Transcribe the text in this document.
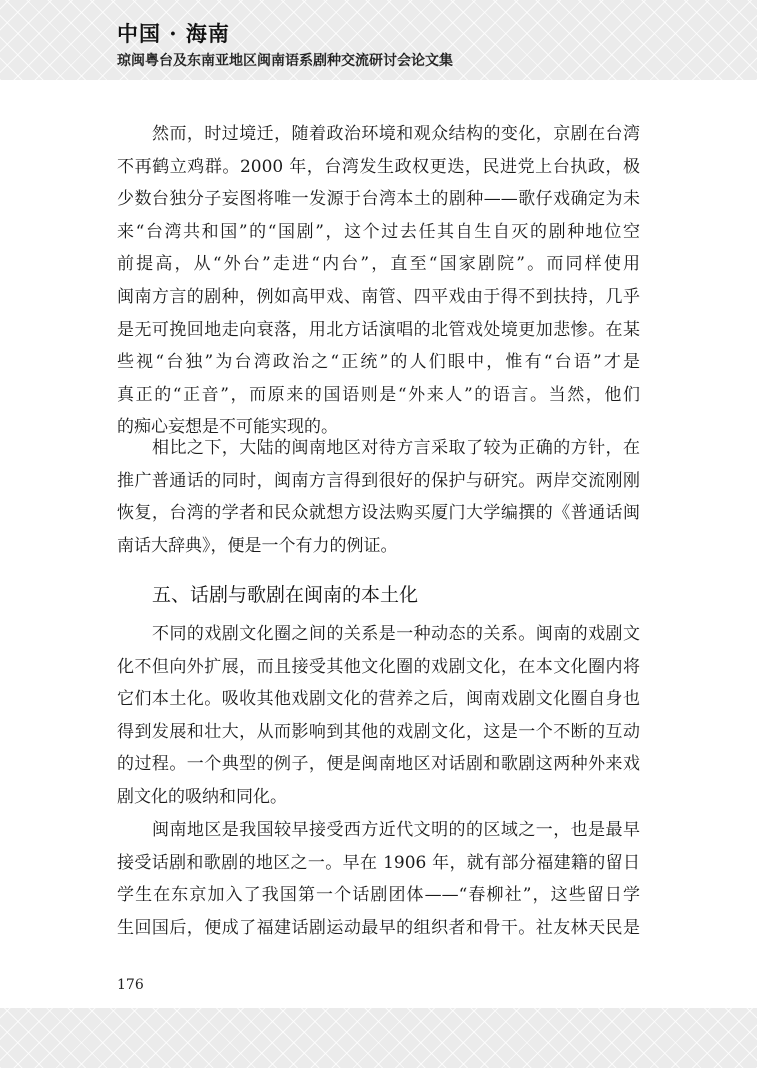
中国 · 海南
琼闽粤台及东南亚地区闽南语系剧种交流研讨会论文集
然而，时过境迁，随着政治环境和观众结构的变化，京剧在台湾
不再鹤立鸡群。2000 年，台湾发生政权更迭，民进党上台执政，极
少数台独分子妄图将唯一发源于台湾本土的剧种——歌仔戏确定为未
来“台湾共和国”的“国剧”，这个过去任其自生自灭的剧种地位空
前提高，从“外台”走进“内台”，直至“国家剧院”。而同样使用
闽南方言的剧种，例如高甲戏、南管、四平戏由于得不到扶持，几乎
是无可挽回地走向衰落，用北方话演唱的北管戏处境更加悲惨。在某
些视“台独”为台湾政治之“正统”的人们眼中，惟有“台语”才是
真正的“正音”，而原来的国语则是“外来人”的语言。当然，他们
的痴心妄想是不可能实现的。
相比之下，大陆的闽南地区对待方言采取了较为正确的方针，在
推广普通话的同时，闽南方言得到很好的保护与研究。两岸交流刚刚
恢复，台湾的学者和民众就想方设法购买厦门大学编撰的《普通话闽
南话大辞典》，便是一个有力的例证。
五、话剧与歌剧在闽南的本土化
不同的戏剧文化圈之间的关系是一种动态的关系。闽南的戏剧文
化不但向外扩展，而且接受其他文化圈的戏剧文化，在本文化圈内将
它们本土化。吸收其他戏剧文化的营养之后，闽南戏剧文化圈自身也
得到发展和壮大，从而影响到其他的戏剧文化，这是一个不断的互动
的过程。一个典型的例子，便是闽南地区对话剧和歌剧这两种外来戏
剧文化的吸纳和同化。
闽南地区是我国较早接受西方近代文明的的区域之一，也是最早
接受话剧和歌剧的地区之一。早在 1906 年，就有部分福建籍的留日
学生在东京加入了我国第一个话剧团体——“春柳社”，这些留日学
生回国后，便成了福建话剧运动最早的组织者和骨干。社友林天民是
176
